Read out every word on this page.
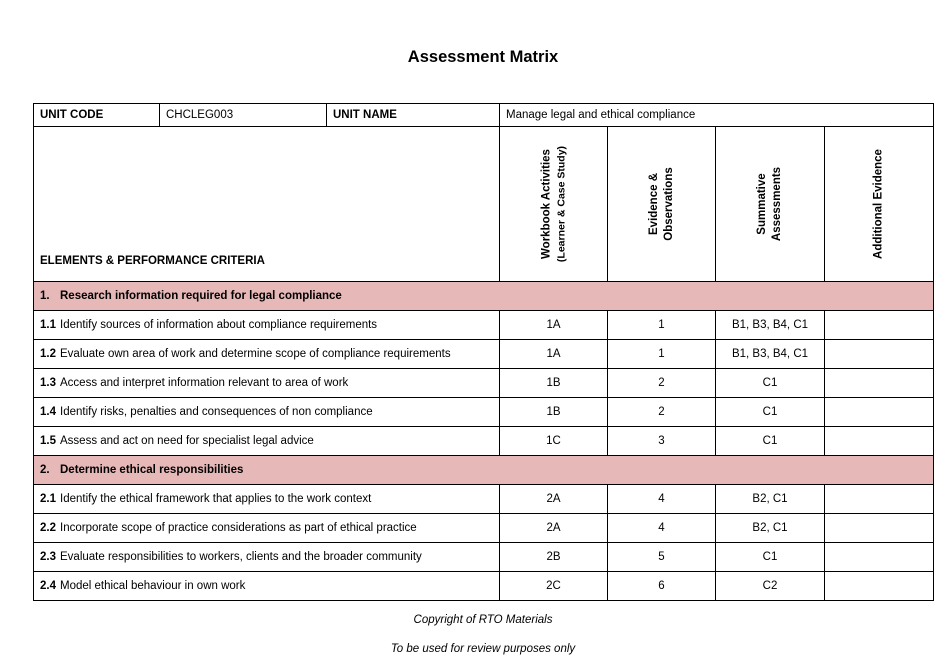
Assessment Matrix
UNIT CODE	CHCLEG003	UNIT NAME	Manage legal and ethical compliance			
ELEMENTS & PERFORMANCE CRITERIA			Workbook Activities (Learner & Case Study)	Evidence & Observations	Summative Assessments	Additional Evidence

1. Research information required for legal compliance						
1.1 Identify sources of information about compliance requirements			1A	1	B1, B3, B4, C1	
1.2 Evaluate own area of work and determine scope of compliance requirements			1A	1	B1, B3, B4, C1	
1.3 Access and interpret information relevant to area of work			1B	2	C1	
1.4 Identify risks, penalties and consequences of non compliance			1B	2	C1	
1.5 Assess and act on need for specialist legal advice			1C	3	C1	
2. Determine ethical responsibilities						
2.1 Identify the ethical framework that applies to the work context			2A	4	B2, C1	
2.2 Incorporate scope of practice considerations as part of ethical practice			2A	4	B2, C1	
2.3 Evaluate responsibilities to workers, clients and the broader community			2B	5	C1	
2.4 Model ethical behaviour in own work			2C	6	C2	
Copyright of RTO Materials
To be used for review purposes only
